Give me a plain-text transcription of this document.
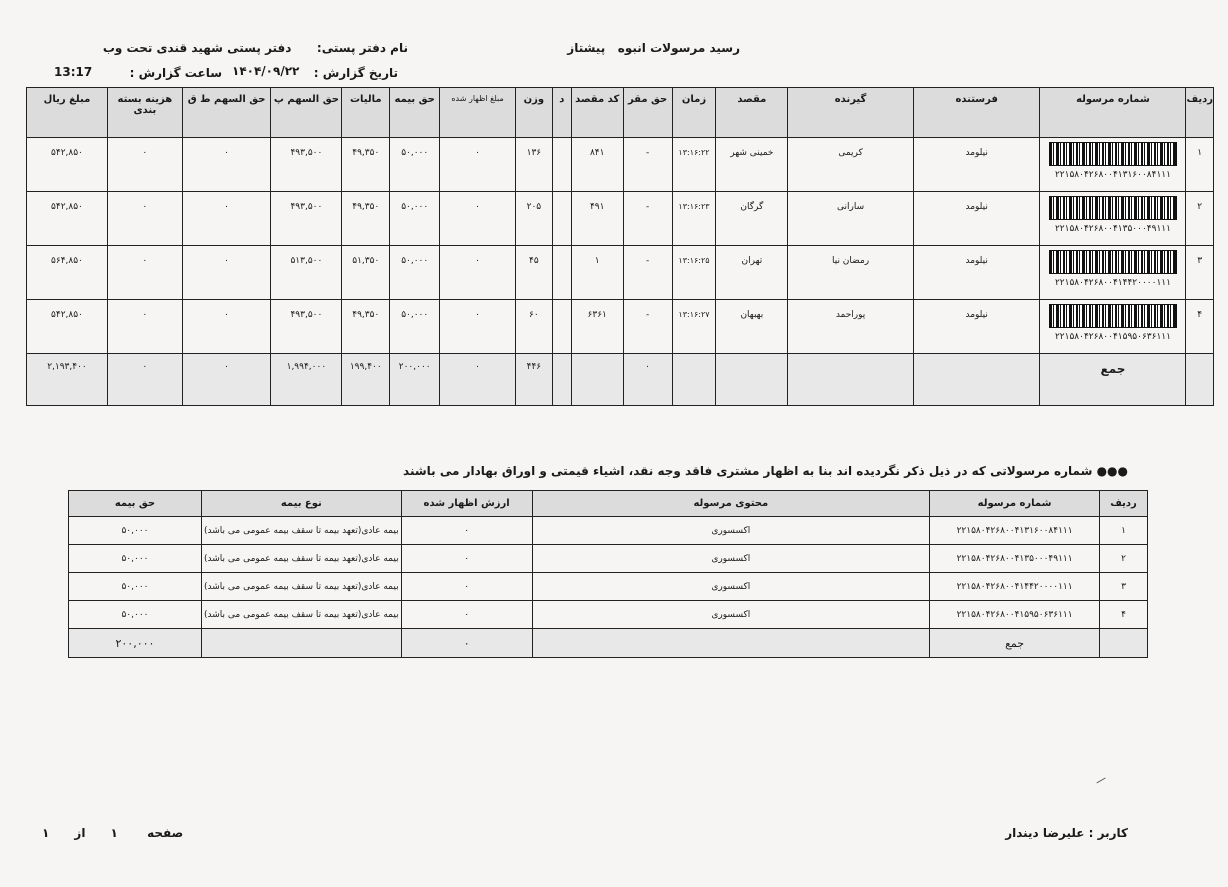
رسید مرسولات انبوه   پیشتاز
نام دفتر پستی:     دفتر پستی شهید قندی تحت وب
تاریخ گزارش :
۱۴۰۴/۰۹/۲۲
ساعت گزارش :
13:17
ردیف	شماره مرسوله	فرستنده	گیرنده	مقصد	زمان	حق مقر	کد مقصد	د	وزن	مبلغ اظهار شده	حق بیمه	مالیات	حق السهم پ	حق السهم ط ق	هزینه بسته بندی	مبلغ ریال
۱	۲۲۱۵۸۰۴۲۶۸۰۰۴۱۳۱۶۰۰۸۴۱۱۱	نیلومد	کریمی	خمینی شهر	۱۳:۱۶:۲۲	-	۸۴۱		۱۳۶	۰	۵۰,۰۰۰	۴۹,۳۵۰	۴۹۳,۵۰۰	۰	۰	۵۴۲,۸۵۰
۲	۲۲۱۵۸۰۴۲۶۸۰۰۴۱۳۵۰۰۰۴۹۱۱۱	نیلومد	سارانی	گرگان	۱۳:۱۶:۲۳	-	۴۹۱		۲۰۵	۰	۵۰,۰۰۰	۴۹,۳۵۰	۴۹۳,۵۰۰	۰	۰	۵۴۲,۸۵۰
۳	۲۲۱۵۸۰۴۲۶۸۰۰۴۱۴۴۲۰۰۰۰۱۱۱	نیلومد	رمضان نیا	تهران	۱۳:۱۶:۲۵	-	۱		۴۵	۰	۵۰,۰۰۰	۵۱,۳۵۰	۵۱۳,۵۰۰	۰	۰	۵۶۴,۸۵۰
۴	۲۲۱۵۸۰۴۲۶۸۰۰۴۱۵۹۵۰۶۳۶۱۱۱	نیلومد	پوراحمد	بهبهان	۱۳:۱۶:۲۷	-	۶۳۶۱		۶۰	۰	۵۰,۰۰۰	۴۹,۳۵۰	۴۹۳,۵۰۰	۰	۰	۵۴۲,۸۵۰
	جمع					۰			۴۴۶	۰	۲۰۰,۰۰۰	۱۹۹,۴۰۰	۱,۹۹۴,۰۰۰	۰	۰	۲,۱۹۳,۴۰۰
●●● شماره مرسولاتی که در ذیل ذکر نگردیده اند بنا به اظهار مشتری فاقد وجه نقد، اشیاء قیمتی و اوراق بهادار می باشند
ردیف	شماره مرسوله	محتوی مرسوله	ارزش اظهار شده	نوع بیمه	حق بیمه
۱	۲۲۱۵۸۰۴۲۶۸۰۰۴۱۳۱۶۰۰۸۴۱۱۱	اکسسوری	۰	بیمه عادی(تعهد بیمه تا سقف بیمه عمومی می باشد)	۵۰,۰۰۰
۲	۲۲۱۵۸۰۴۲۶۸۰۰۴۱۳۵۰۰۰۴۹۱۱۱	اکسسوری	۰	بیمه عادی(تعهد بیمه تا سقف بیمه عمومی می باشد)	۵۰,۰۰۰
۳	۲۲۱۵۸۰۴۲۶۸۰۰۴۱۴۴۲۰۰۰۰۱۱۱	اکسسوری	۰	بیمه عادی(تعهد بیمه تا سقف بیمه عمومی می باشد)	۵۰,۰۰۰
۴	۲۲۱۵۸۰۴۲۶۸۰۰۴۱۵۹۵۰۶۳۶۱۱۱	اکسسوری	۰	بیمه عادی(تعهد بیمه تا سقف بیمه عمومی می باشد)	۵۰,۰۰۰
	جمع		۰		۲۰۰,۰۰۰
کاربر : علیرضا دیندار
صفحه       ۱      از      ۱
